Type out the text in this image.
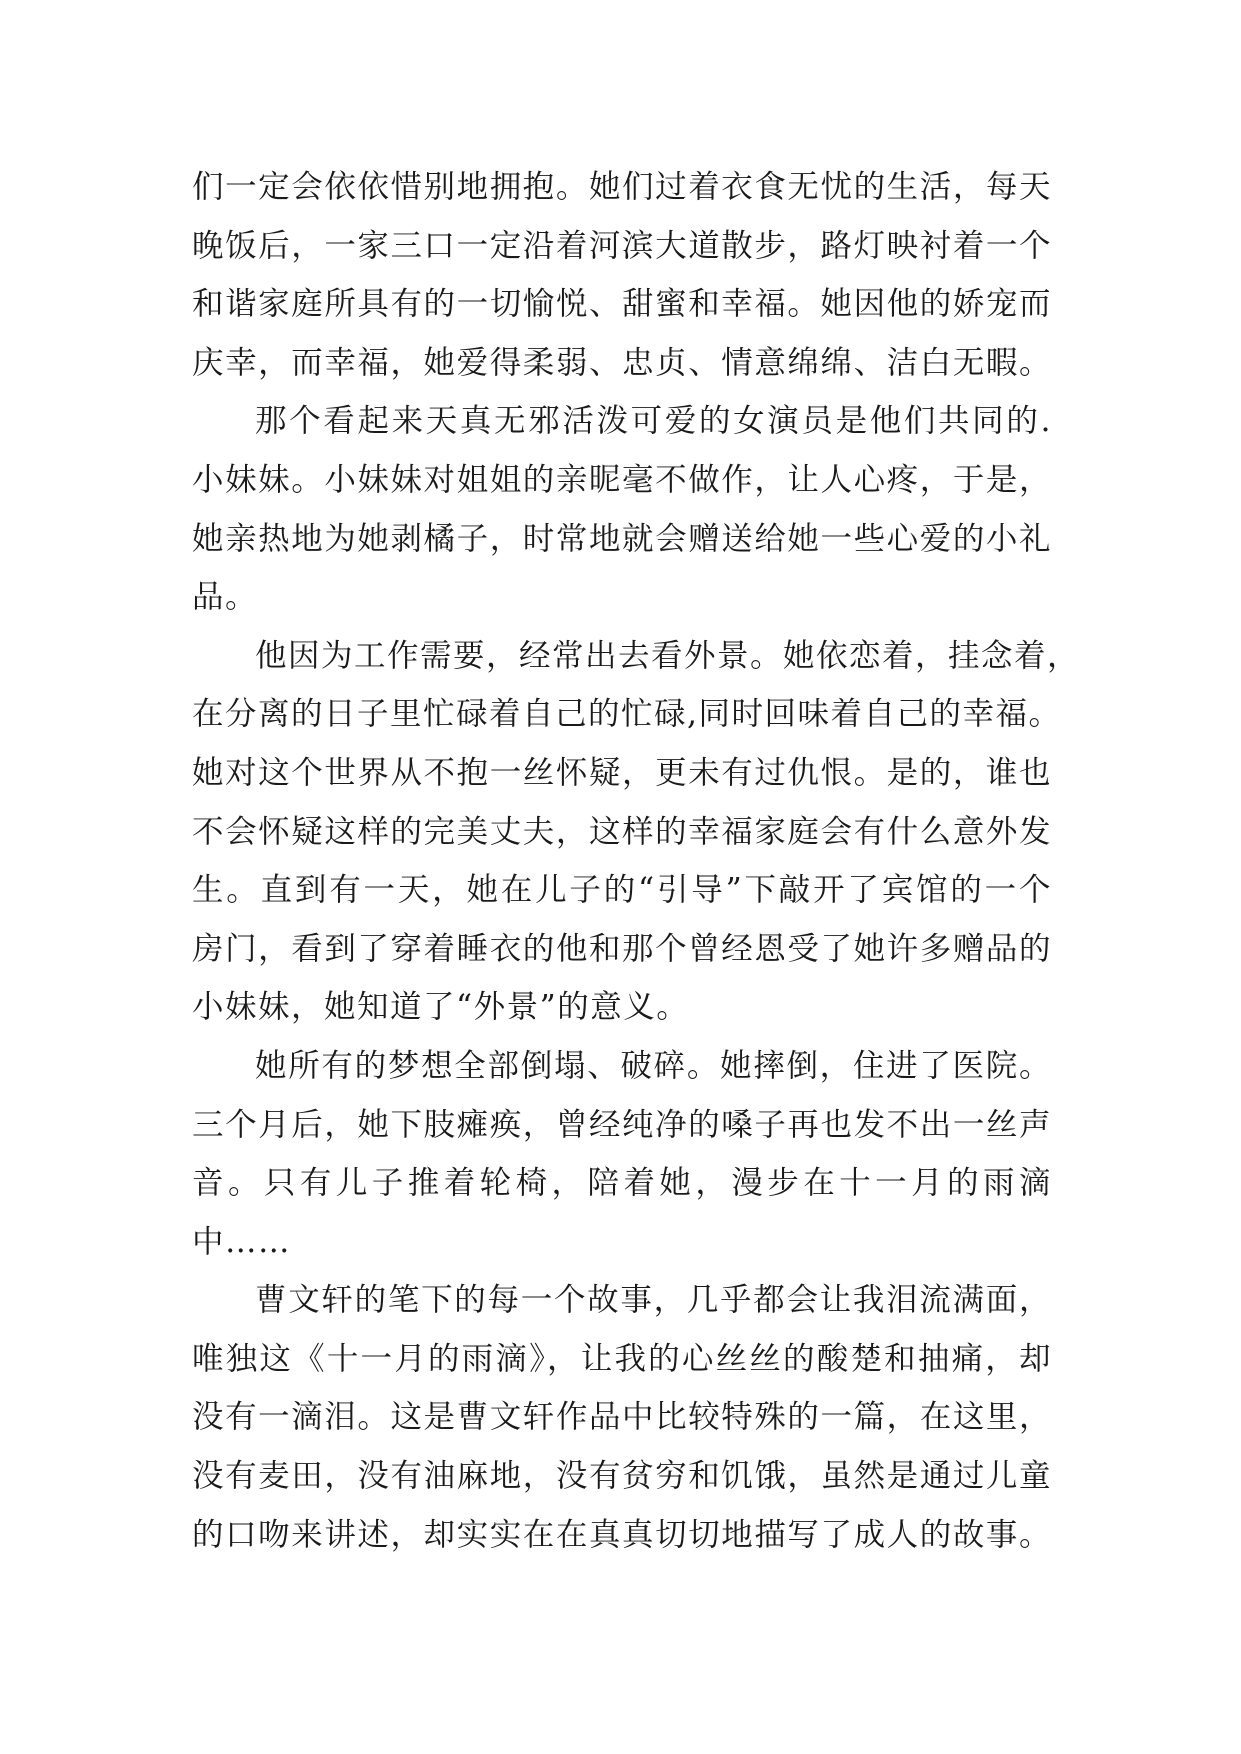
们一定会依依惜别地拥抱。她们过着衣食无忧的生活，每天
晚饭后，一家三口一定沿着河滨大道散步，路灯映衬着一个
和谐家庭所具有的一切愉悦、甜蜜和幸福。她因他的娇宠而
庆幸，而幸福，她爱得柔弱、忠贞、情意绵绵、洁白无暇。
那个看起来天真无邪活泼可爱的女演员是他们共同的.
小妹妹。小妹妹对姐姐的亲昵毫不做作，让人心疼，于是，
她亲热地为她剥橘子，时常地就会赠送给她一些心爱的小礼
品。
他因为工作需要，经常出去看外景。她依恋着，挂念着，
在分离的日子里忙碌着自己的忙碌,同时回味着自己的幸福。
她对这个世界从不抱一丝怀疑，更未有过仇恨。是的，谁也
不会怀疑这样的完美丈夫，这样的幸福家庭会有什么意外发
生。直到有一天，她在儿子的“引导”下敲开了宾馆的一个
房门，看到了穿着睡衣的他和那个曾经恩受了她许多赠品的
小妹妹，她知道了“外景”的意义。
她所有的梦想全部倒塌、破碎。她摔倒，住进了医院。
三个月后，她下肢瘫痪，曾经纯净的嗓子再也发不出一丝声
音。只有儿子推着轮椅，陪着她，漫步在十一月的雨滴
中……
曹文轩的笔下的每一个故事，几乎都会让我泪流满面，
唯独这《十一月的雨滴》，让我的心丝丝的酸楚和抽痛，却
没有一滴泪。这是曹文轩作品中比较特殊的一篇，在这里，
没有麦田，没有油麻地，没有贫穷和饥饿，虽然是通过儿童
的口吻来讲述，却实实在在真真切切地描写了成人的故事。
